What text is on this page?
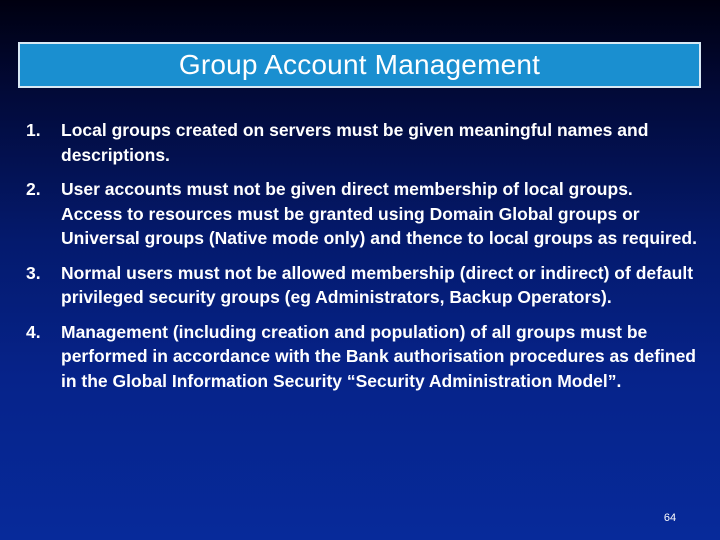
Group Account Management
1.	Local groups created on servers must be given meaningful names and descriptions.
2.	User accounts must not be given direct membership of local groups. Access to resources must be granted using Domain Global groups or Universal groups (Native mode only) and thence to local groups as required.
3.	Normal users must not be allowed membership (direct or indirect) of default privileged security groups (eg Administrators, Backup Operators).
4.	Management (including creation and population) of all groups must be performed in accordance with the Bank authorisation procedures as defined in the Global Information Security “Security Administration Model”.
64
